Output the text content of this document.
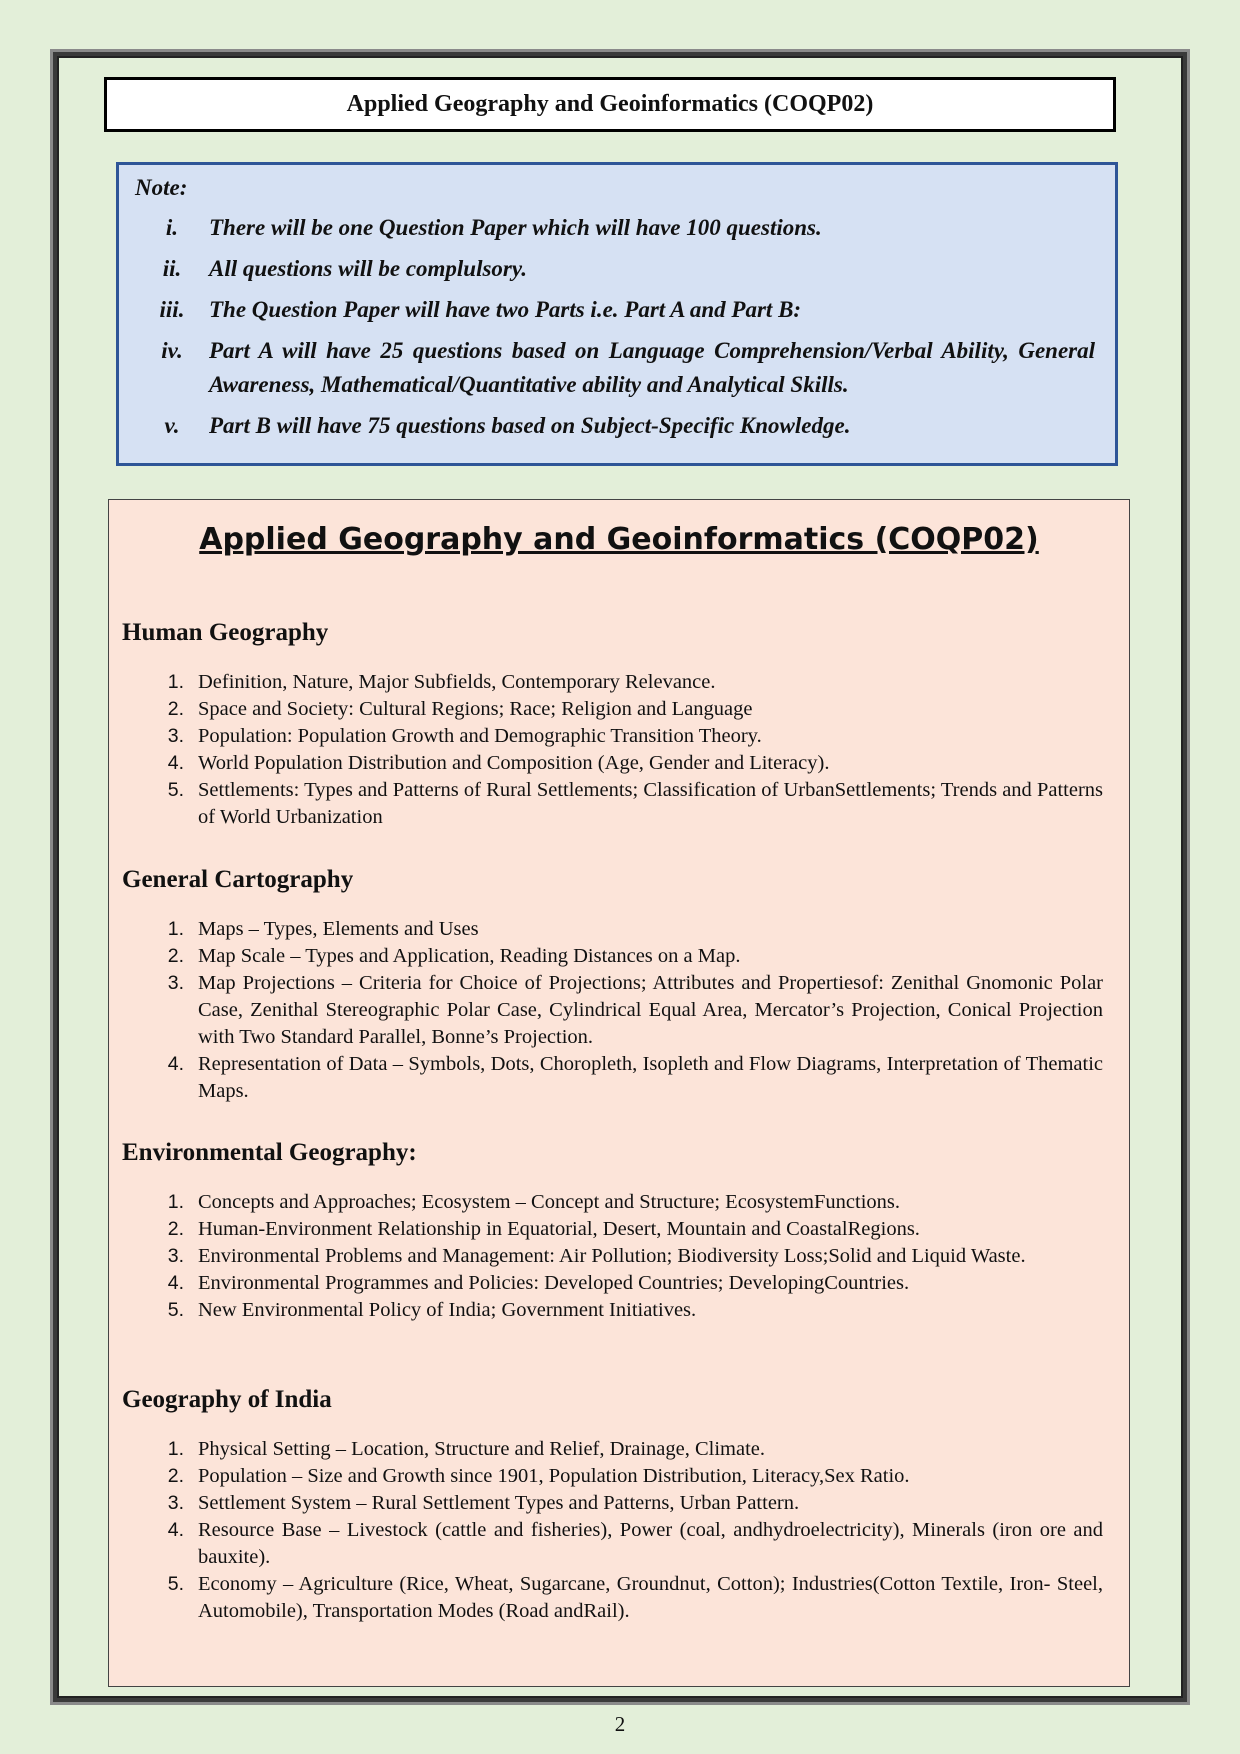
Applied Geography and Geoinformatics (COQP02)
Note:
i.	There will be one Question Paper which will have 100 questions.
ii.	All questions will be complulsory.
iii.	The Question Paper will have two Parts i.e. Part A and Part B:
iv.	Part A will have 25 questions based on Language Comprehension/Verbal Ability, General Awareness, Mathematical/Quantitative ability and Analytical Skills.
v.	Part B will have 75 questions based on Subject-Specific Knowledge.
Applied Geography and Geoinformatics (COQP02)
Human Geography
1. Definition, Nature, Major Subfields, Contemporary Relevance.
2. Space and Society: Cultural Regions; Race; Religion and Language
3. Population: Population Growth and Demographic Transition Theory.
4. World Population Distribution and Composition (Age, Gender and Literacy).
5. Settlements: Types and Patterns of Rural Settlements; Classification of UrbanSettlements; Trends and Patterns of World Urbanization
General Cartography
1. Maps – Types, Elements and Uses
2. Map Scale – Types and Application, Reading Distances on a Map.
3. Map Projections – Criteria for Choice of Projections; Attributes and Propertiesof: Zenithal Gnomonic Polar Case, Zenithal Stereographic Polar Case, Cylindrical Equal Area, Mercator’s Projection, Conical Projection with Two Standard Parallel, Bonne’s Projection.
4. Representation of Data – Symbols, Dots, Choropleth, Isopleth and Flow Diagrams, Interpretation of Thematic Maps.
Environmental Geography:
1. Concepts and Approaches; Ecosystem – Concept and Structure; EcosystemFunctions.
2. Human-Environment Relationship in Equatorial, Desert, Mountain and CoastalRegions.
3. Environmental Problems and Management: Air Pollution; Biodiversity Loss;Solid and Liquid Waste.
4. Environmental Programmes and Policies: Developed Countries; DevelopingCountries.
5. New Environmental Policy of India; Government Initiatives.
Geography of India
1. Physical Setting – Location, Structure and Relief, Drainage, Climate.
2. Population – Size and Growth since 1901, Population Distribution, Literacy,Sex Ratio.
3. Settlement System – Rural Settlement Types and Patterns, Urban Pattern.
4. Resource Base – Livestock (cattle and fisheries), Power (coal, andhydroelectricity), Minerals (iron ore and bauxite).
5. Economy – Agriculture (Rice, Wheat, Sugarcane, Groundnut, Cotton); Industries(Cotton Textile, Iron- Steel, Automobile), Transportation Modes (Road andRail).
2
